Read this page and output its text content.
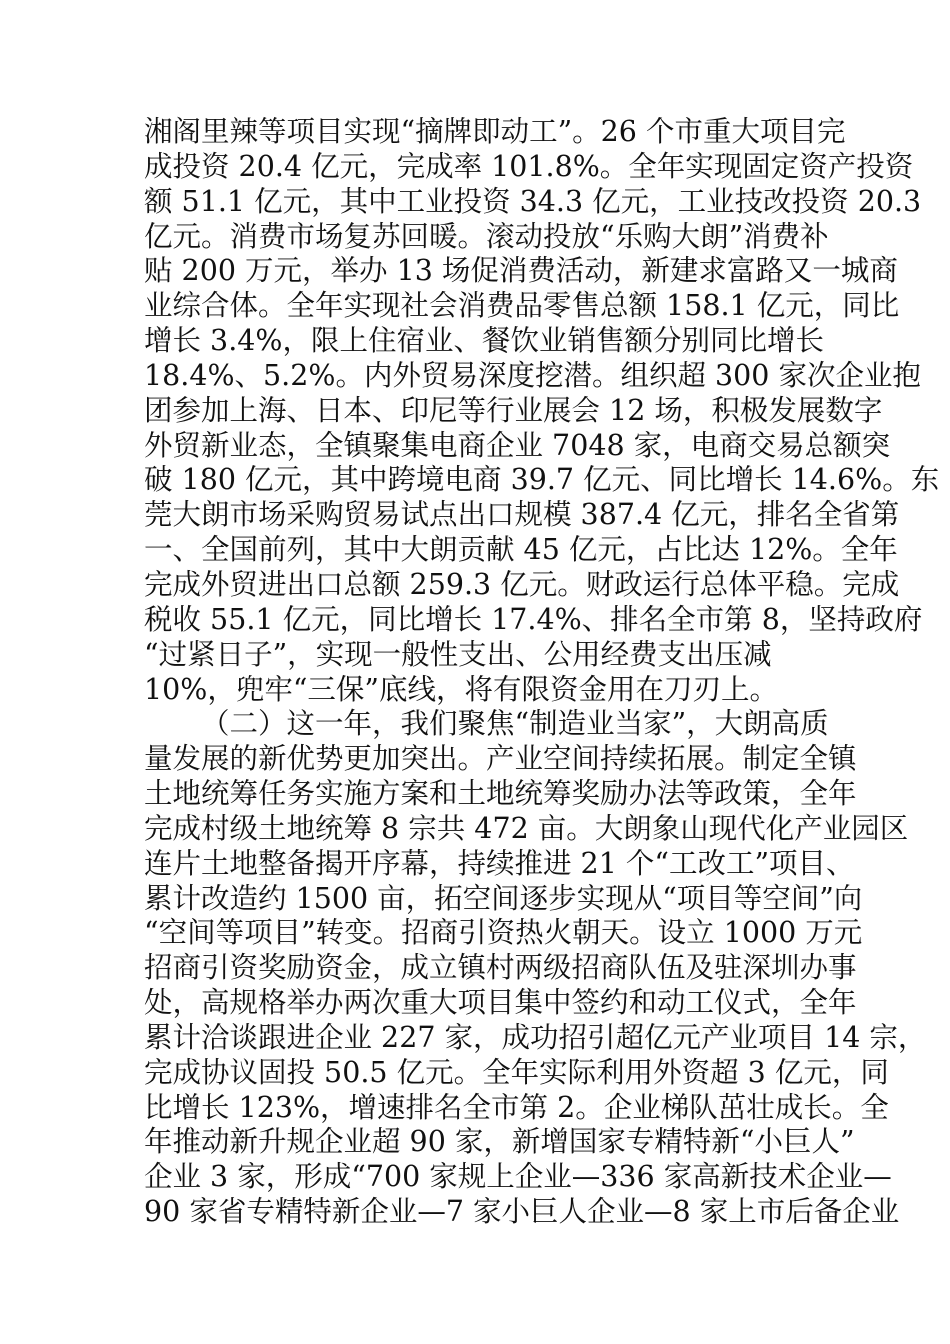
湘阁里辣等项目实现“摘牌即动工”。26 个市重大项目完
成投资 20.4 亿元，完成率 101.8%。全年实现固定资产投资
额 51.1 亿元，其中工业投资 34.3 亿元，工业技改投资 20.3
亿元。消费市场复苏回暖。滚动投放“乐购大朗”消费补
贴 200 万元，举办 13 场促消费活动，新建求富路又一城商
业综合体。全年实现社会消费品零售总额 158.1 亿元，同比
增长 3.4%，限上住宿业、餐饮业销售额分别同比增长
18.4%、5.2%。内外贸易深度挖潜。组织超 300 家次企业抱
团参加上海、日本、印尼等行业展会 12 场，积极发展数字
外贸新业态，全镇聚集电商企业 7048 家，电商交易总额突
破 180 亿元，其中跨境电商 39.7 亿元、同比增长 14.6%。东
莞大朗市场采购贸易试点出口规模 387.4 亿元，排名全省第
一、全国前列，其中大朗贡献 45 亿元，占比达 12%。全年
完成外贸进出口总额 259.3 亿元。财政运行总体平稳。完成
税收 55.1 亿元，同比增长 17.4%、排名全市第 8，坚持政府
“过紧日子”，实现一般性支出、公用经费支出压减
10%，兜牢“三保”底线，将有限资金用在刀刃上。
（二）这一年，我们聚焦“制造业当家”，大朗高质
量发展的新优势更加突出。产业空间持续拓展。制定全镇
土地统筹任务实施方案和土地统筹奖励办法等政策，全年
完成村级土地统筹 8 宗共 472 亩。大朗象山现代化产业园区
连片土地整备揭开序幕，持续推进 21 个“工改工”项目、
累计改造约 1500 亩，拓空间逐步实现从“项目等空间”向
“空间等项目”转变。招商引资热火朝天。设立 1000 万元
招商引资奖励资金，成立镇村两级招商队伍及驻深圳办事
处，高规格举办两次重大项目集中签约和动工仪式，全年
累计洽谈跟进企业 227 家，成功招引超亿元产业项目 14 宗，
完成协议固投 50.5 亿元。全年实际利用外资超 3 亿元，同
比增长 123%，增速排名全市第 2。企业梯队茁壮成长。全
年推动新升规企业超 90 家，新增国家专精特新“小巨人”
企业 3 家，形成“700 家规上企业—336 家高新技术企业—
90 家省专精特新企业—7 家小巨人企业—8 家上市后备企业
